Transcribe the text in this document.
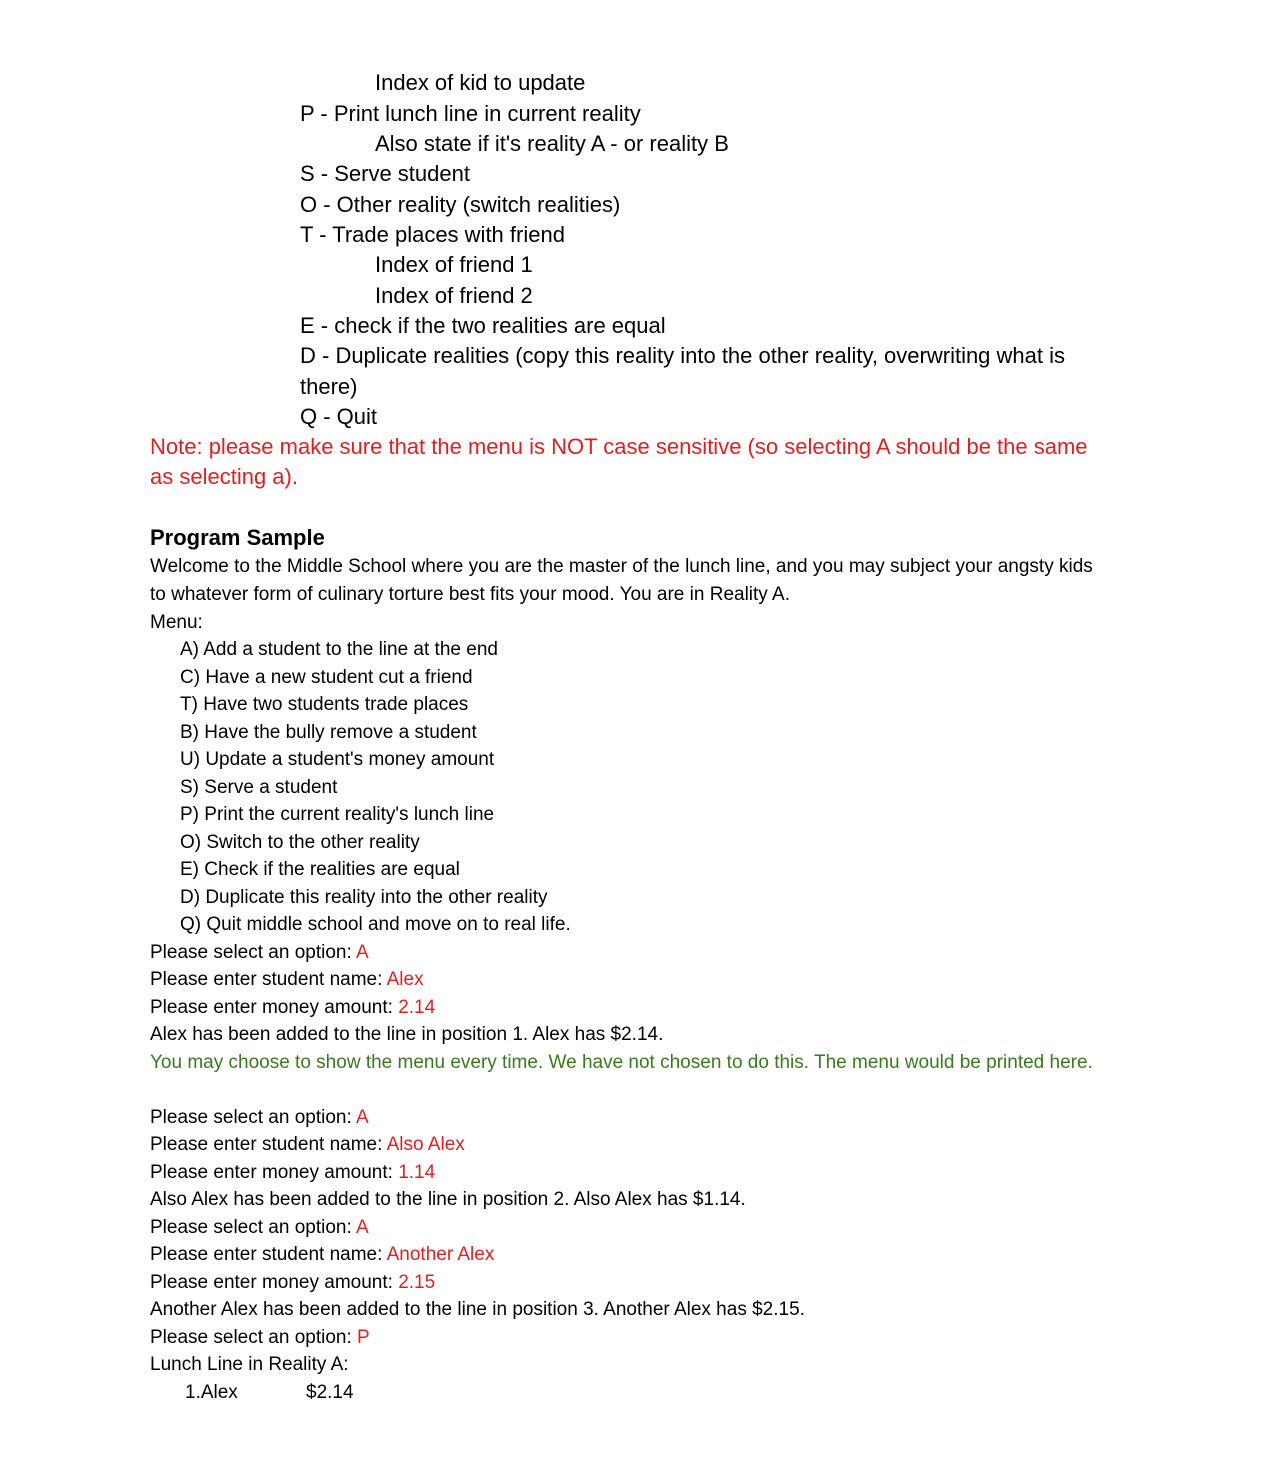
Index of kid to update
P - Print lunch line in current reality
Also state if it's reality A - or reality B
S - Serve student
O - Other reality (switch realities)
T - Trade places with friend
Index of friend 1
Index of friend 2
E - check if the two realities are equal
D - Duplicate realities (copy this reality into the other reality, overwriting what is there)
Q - Quit
Note: please make sure that the menu is NOT case sensitive (so selecting A should be the same as selecting a).
Program Sample
Welcome to the Middle School where you are the master of the lunch line, and you may subject your angsty kids to whatever form of culinary torture best fits your mood. You are in Reality A.
Menu:
A) Add a student to the line at the end
C) Have a new student cut a friend
T) Have two students trade places
B) Have the bully remove a student
U) Update a student's money amount
S) Serve a student
P) Print the current reality's lunch line
O) Switch to the other reality
E) Check if the realities are equal
D) Duplicate this reality into the other reality
Q) Quit middle school and move on to real life.
Please select an option: A
Please enter student name: Alex
Please enter money amount: 2.14
Alex has been added to the line in position 1. Alex has $2.14.
You may choose to show the menu every time. We have not chosen to do this. The menu would be printed here.
Please select an option: A
Please enter student name: Also Alex
Please enter money amount: 1.14
Also Alex has been added to the line in position 2. Also Alex has $1.14.
Please select an option: A
Please enter student name: Another Alex
Please enter money amount: 2.15
Another Alex has been added to the line in position 3. Another Alex has $2.15.
Please select an option: P
Lunch Line in Reality A:
1.Alex	$2.14
